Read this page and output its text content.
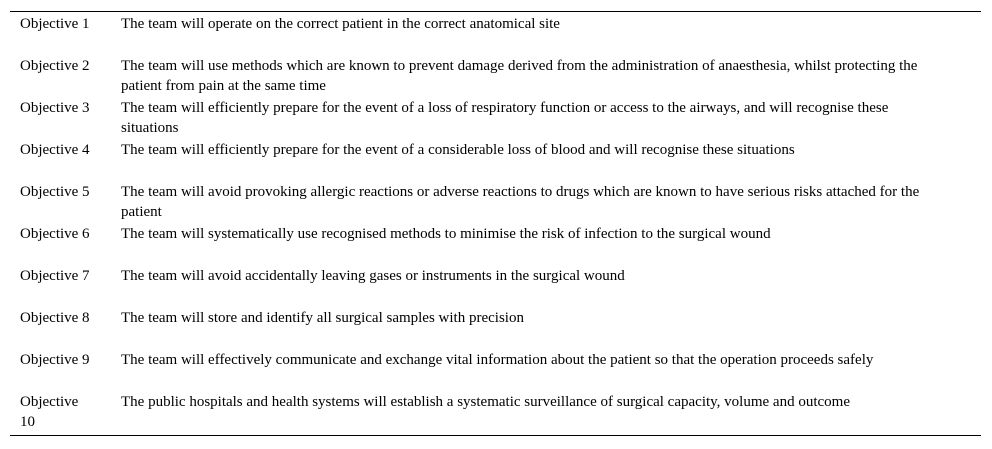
Objective 1	The team will operate on the correct patient in the correct anatomical site

Objective 2	The team will use methods which are known to prevent damage derived from the administration of anaesthesia, whilst protecting the patient from pain at the same time

Objective 3	The team will efficiently prepare for the event of a loss of respiratory function or access to the airways, and will recognise these situations

Objective 4	The team will efficiently prepare for the event of a considerable loss of blood and will recognise these situations

Objective 5	The team will avoid provoking allergic reactions or adverse reactions to drugs which are known to have serious risks attached for the patient

Objective 6	The team will systematically use recognised methods to minimise the risk of infection to the surgical wound

Objective 7	The team will avoid accidentally leaving gases or instruments in the surgical wound

Objective 8	The team will store and identify all surgical samples with precision

Objective 9	The team will effectively communicate and exchange vital information about the patient so that the operation proceeds safely

Objective 10	The public hospitals and health systems will establish a systematic surveillance of surgical capacity, volume and outcome
